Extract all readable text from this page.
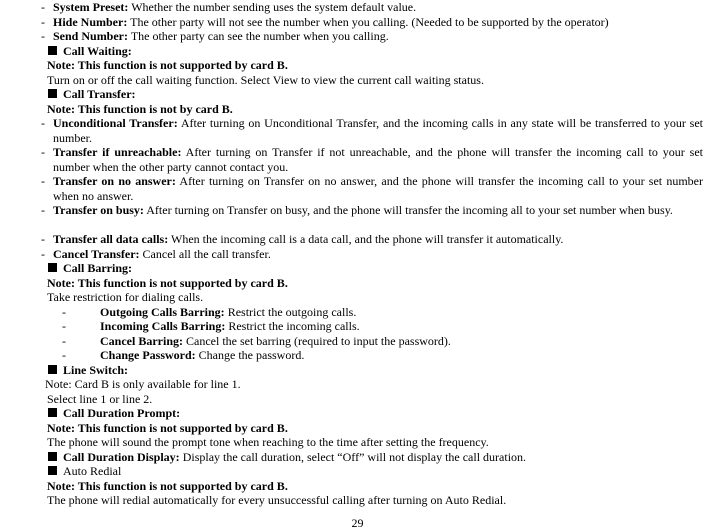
- System Preset: Whether the number sending uses the system default value.
- Hide Number: The other party will not see the number when you calling. (Needed to be supported by the operator)
- Send Number: The other party can see the number when you calling.
Call Waiting:
Note: This function is not supported by card B.
Turn on or off the call waiting function. Select View to view the current call waiting status.
Call Transfer:
Note: This function is not by card B.
- Unconditional Transfer: After turning on Unconditional Transfer, and the incoming calls in any state will be transferred to your set number.
- Transfer if unreachable: After turning on Transfer if not unreachable, and the phone will transfer the incoming call to your set number when the other party cannot contact you.
- Transfer on no answer: After turning on Transfer on no answer, and the phone will transfer the incoming call to your set number when no answer.
- Transfer on busy: After turning on Transfer on busy, and the phone will transfer the incoming all to your set number when busy.
- Transfer all data calls: When the incoming call is a data call, and the phone will transfer it automatically.
- Cancel Transfer: Cancel all the call transfer.
Call Barring:
Note: This function is not supported by card B.
Take restriction for dialing calls.
-	Outgoing Calls Barring: Restrict the outgoing calls.
-	Incoming Calls Barring: Restrict the incoming calls.
-	Cancel Barring: Cancel the set barring (required to input the password).
-	Change Password: Change the password.
Line Switch:
Note: Card B is only available for line 1.
Select line 1 or line 2.
Call Duration Prompt:
Note: This function is not supported by card B.
The phone will sound the prompt tone when reaching to the time after setting the frequency.
Call Duration Display: Display the call duration, select “Off” will not display the call duration.
Auto Redial
Note: This function is not supported by card B.
The phone will redial automatically for every unsuccessful calling after turning on Auto Redial.
29
